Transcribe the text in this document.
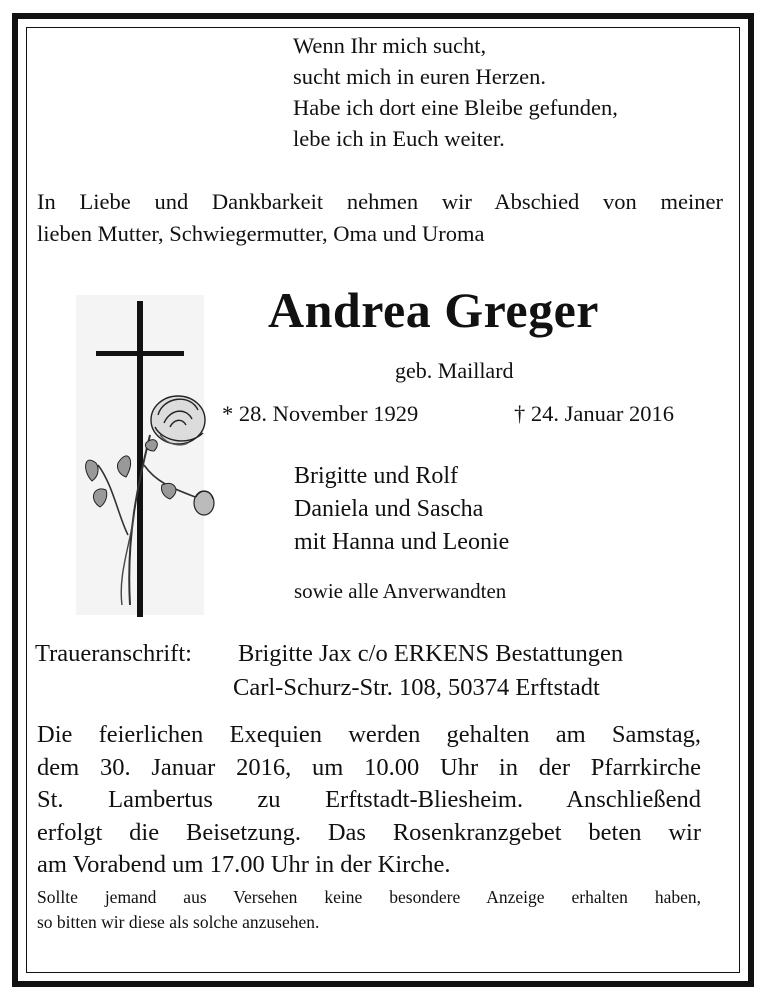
Wenn Ihr mich sucht,
sucht mich in euren Herzen.
Habe ich dort eine Bleibe gefunden,
lebe ich in Euch weiter.
In Liebe und Dankbarkeit nehmen wir Abschied von meiner
lieben Mutter, Schwiegermutter, Oma und Uroma
Andrea Greger
geb. Maillard
* 28. November 1929	† 24. Januar 2016
Brigitte und Rolf
Daniela und Sascha
mit Hanna und Leonie
sowie alle Anverwandten
Traueranschrift: Brigitte Jax c/o ERKENS Bestattungen
Carl-Schurz-Str. 108, 50374 Erftstadt
Die feierlichen Exequien werden gehalten am Samstag,
dem 30. Januar 2016, um 10.00 Uhr in der Pfarrkirche
St. Lambertus zu Erftstadt-Bliesheim. Anschließend
erfolgt die Beisetzung. Das Rosenkranzgebet beten wir
am Vorabend um 17.00 Uhr in der Kirche.
Sollte jemand aus Versehen keine besondere Anzeige erhalten haben,
so bitten wir diese als solche anzusehen.
